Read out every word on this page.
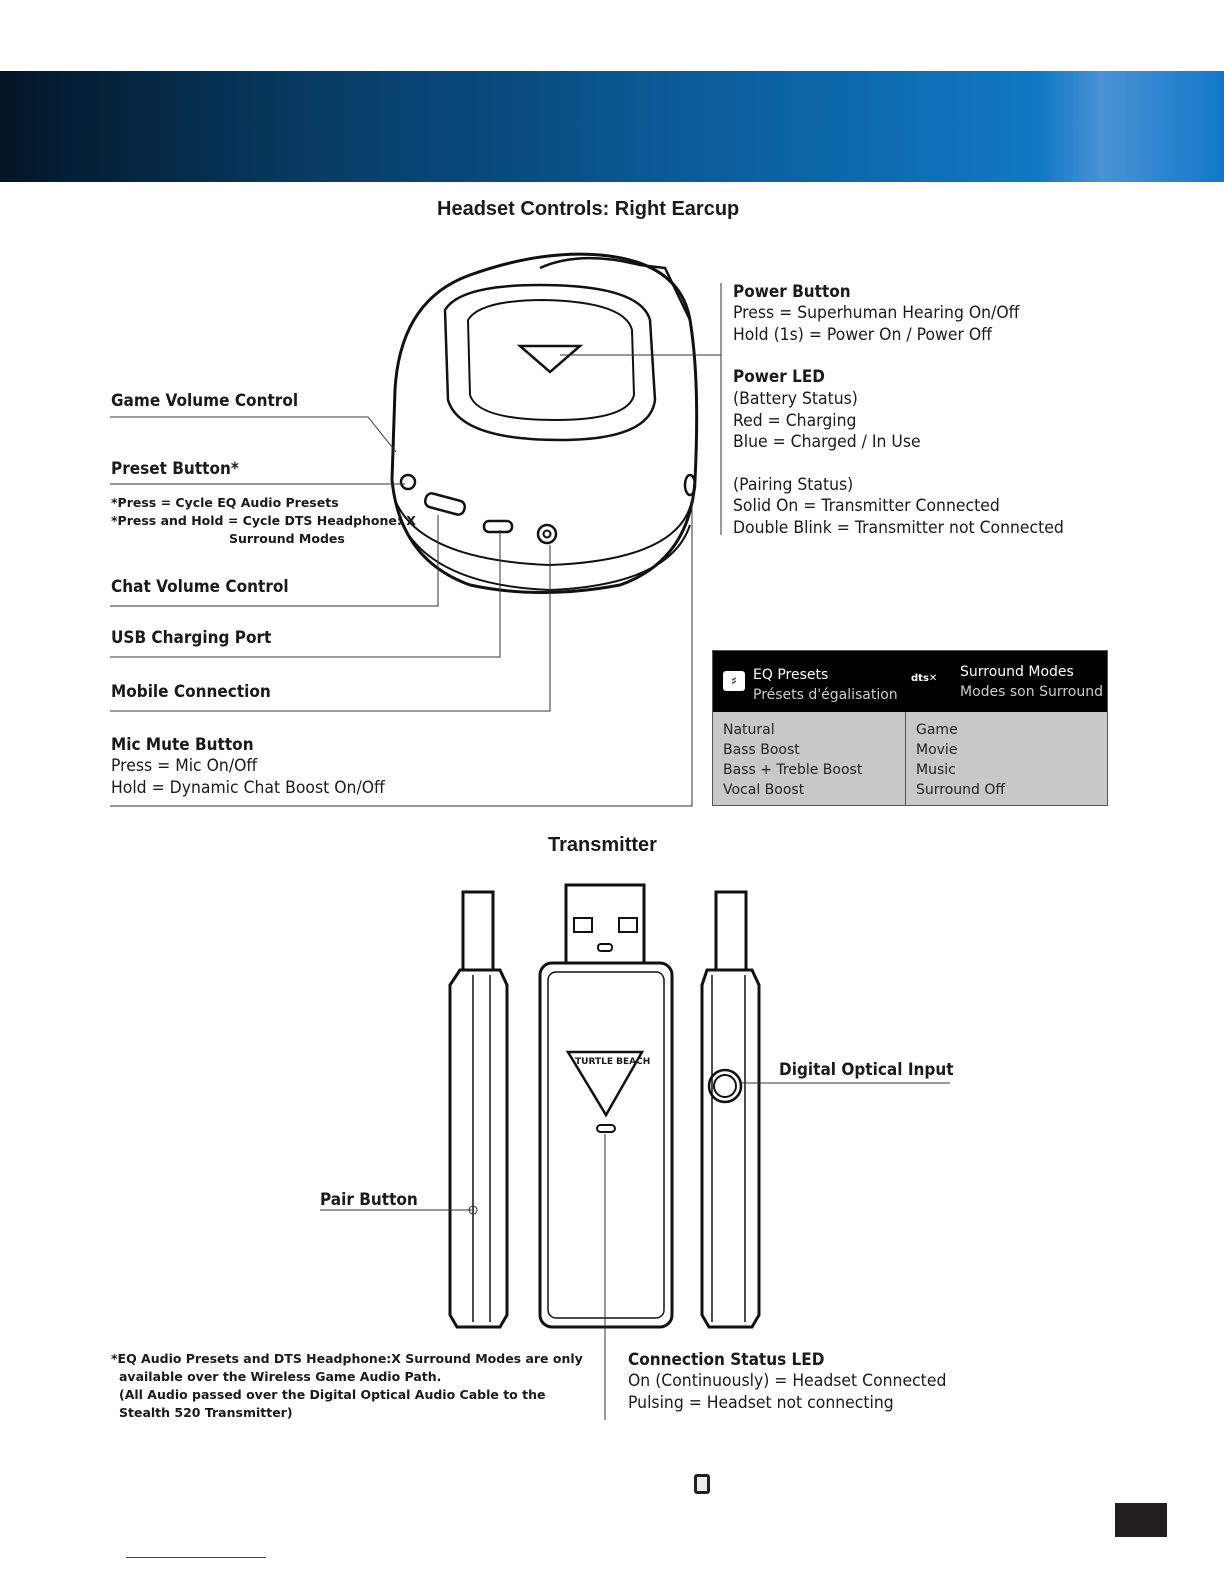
Headset Controls: Right Earcup
TURTLE BEACH
Power Button
Press = Superhuman Hearing On/Off
Hold (1s) = Power On / Power Off
Power LED
(Battery Status)
Red = Charging
Blue = Charged / In Use
(Pairing Status)
Solid On = Transmitter Connected
Double Blink = Transmitter not Connected
Game Volume Control
Preset Button*
*Press = Cycle EQ Audio Presets
*Press and Hold = Cycle DTS Headphone: X
Surround Modes
Chat Volume Control
USB Charging Port
Mobile Connection
Mic Mute Button
Press = Mic On/Off
Hold = Dynamic Chat Boost On/Off
♯	EQ Presets
Présets d'égalisation
dts✕	Surround Modes
Modes son Surround
Natural
Bass Boost
Bass + Treble Boost
Vocal Boost
Game
Movie
Music
Surround Off
Transmitter
Digital Optical Input
Pair Button
Connection Status LED
On (Continuously) = Headset Connected
Pulsing = Headset not connecting
*EQ Audio Presets and DTS Headphone:X Surround Modes are only
available over the Wireless Game Audio Path.
(All Audio passed over the Digital Optical Audio Cable to the
Stealth 520 Transmitter)
